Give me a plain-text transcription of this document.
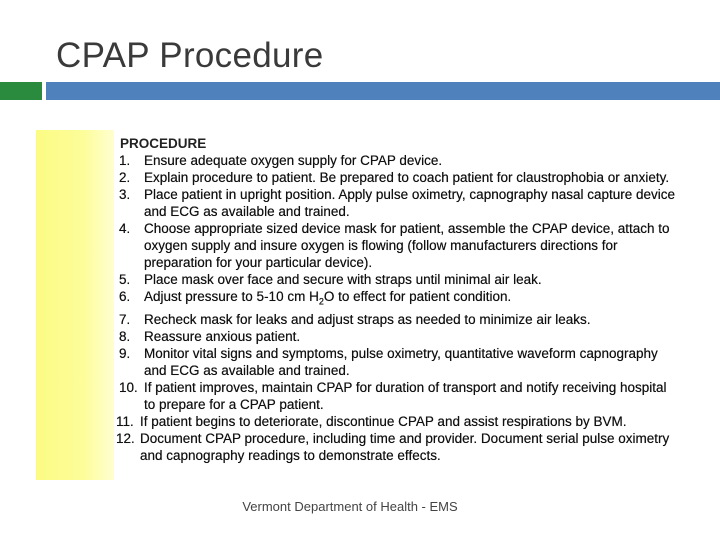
CPAP Procedure
PROCEDURE
1.	Ensure adequate oxygen supply for CPAP device.
2.	Explain procedure to patient. Be prepared to coach patient for claustrophobia or anxiety.
3.	Place patient in upright position. Apply pulse oximetry, capnography nasal capture device and ECG as available and trained.
4.	Choose appropriate sized device mask for patient, assemble the CPAP device, attach to oxygen supply and insure oxygen is flowing (follow manufacturers directions for preparation for your particular device).
5.	Place mask over face and secure with straps until minimal air leak.
6.	Adjust pressure to 5-10 cm $H_2O$ to effect for patient condition.
7.	Recheck mask for leaks and adjust straps as needed to minimize air leaks.
8.	Reassure anxious patient.
9.	Monitor vital signs and symptoms, pulse oximetry, quantitative waveform capnography and ECG as available and trained.
10. If patient improves, maintain CPAP for duration of transport and notify receiving hospital to prepare for a CPAP patient.
11. If patient begins to deteriorate, discontinue CPAP and assist respirations by BVM.
12. Document CPAP procedure, including time and provider. Document serial pulse oximetry and capnography readings to demonstrate effects.
Vermont Department of Health - EMS
